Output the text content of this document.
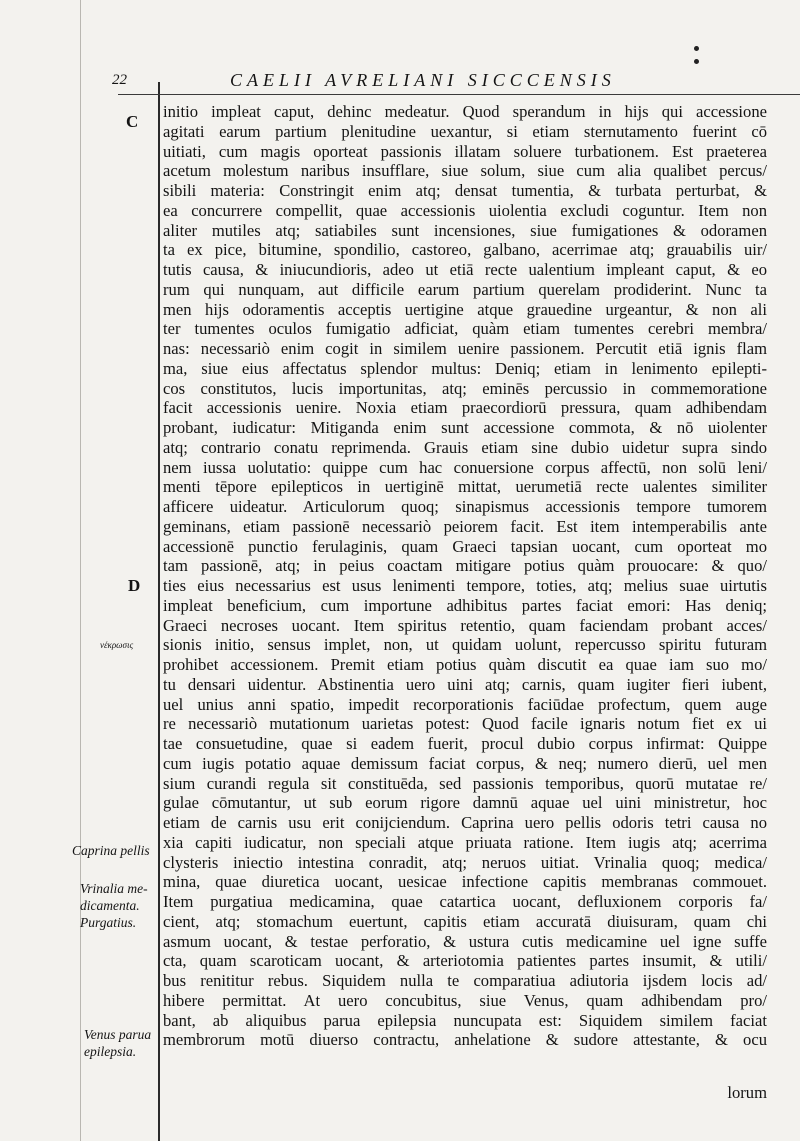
22	CAELII AVRELIANI SICCCENSIS
C
D
νέκρωσις
Caprina pellis
Vrinalia me-
dicamenta.
Purgatius.
Venus parua
epilepsia.
initio impleat caput, dehinc medeatur. Quod sperandum in hijs qui accessione
agitati earum partium plenitudine uexantur, si etiam sternutamento fuerint cō
uitiati, cum magis oporteat passionis illatam soluere turbationem. Est praeterea
acetum molestum naribus insufflare, siue solum, siue cum alia qualibet percus/
sibili materia: Constringit enim atq; densat tumentia, & turbata perturbat, &
ea concurrere compellit, quae accessionis uiolentia excludi coguntur. Item non
aliter mutiles atq; satiabiles sunt incensiones, siue fumigationes & odoramen
ta ex pice, bitumine, spondilio, castoreo, galbano, acerrimae atq; grauabilis uir/
tutis causa, & iniucundioris, adeo ut etiā recte ualentium impleant caput, & eo
rum qui nunquam, aut difficile earum partium querelam prodiderint. Nunc ta
men hijs odoramentis acceptis uertigine atque grauedine urgeantur, & non ali
ter tumentes oculos fumigatio adficiat, quàm etiam tumentes cerebri membra/
nas: necessariò enim cogit in similem uenire passionem. Percutit etiā ignis flam
ma, siue eius affectatus splendor multus: Deniq; etiam in lenimento epilepti-
cos constitutos, lucis importunitas, atq; eminēs percussio in commemoratione
facit accessionis uenire. Noxia etiam praecordiorū pressura, quam adhibendam
probant, iudicatur: Mitiganda enim sunt accessione commota, & nō uiolenter
atq; contrario conatu reprimenda. Grauis etiam sine dubio uidetur supra sindo
nem iussa uolutatio: quippe cum hac conuersione corpus affectū, non solū leni/
menti tēpore epilepticos in uertiginē mittat, uerumetiā recte ualentes similiter
afficere uideatur. Articulorum quoq; sinapismus accessionis tempore tumorem
geminans, etiam passionē necessariò peiorem facit. Est item intemperabilis ante
accessionē punctio ferulaginis, quam Graeci tapsian uocant, cum oporteat mo
tam passionē, atq; in peius coactam mitigare potius quàm prouocare: & quo/
ties eius necessarius est usus lenimenti tempore, toties, atq; melius suae uirtutis
impleat beneficium, cum importune adhibitus partes faciat emori: Has deniq;
Graeci necroses uocant. Item spiritus retentio, quam faciendam probant acces/
sionis initio, sensus implet, non, ut quidam uolunt, repercusso spiritu futuram
prohibet accessionem. Premit etiam potius quàm discutit ea quae iam suo mo/
tu densari uidentur. Abstinentia uero uini atq; carnis, quam iugiter fieri iubent,
uel unius anni spatio, impedit recorporationis faciūdae profectum, quem auge
re necessariò mutationum uarietas potest: Quod facile ignaris notum fiet ex ui
tae consuetudine, quae si eadem fuerit, procul dubio corpus infirmat: Quippe
cum iugis potatio aquae demissum faciat corpus, & neq; numero dierū, uel men
sium curandi regula sit constituēda, sed passionis temporibus, quorū mutatae re/
gulae cōmutantur, ut sub eorum rigore damnū aquae uel uini ministretur, hoc
etiam de carnis usu erit conijciendum. Caprina uero pellis odoris tetri causa no
xia capiti iudicatur, non speciali atque priuata ratione. Item iugis atq; acerrima
clysteris iniectio intestina conradit, atq; neruos uitiat. Vrinalia quoq; medica/
mina, quae diuretica uocant, uesicae infectione capitis membranas commouet.
Item purgatiua medicamina, quae catartica uocant, defluxionem corporis fa/
cient, atq; stomachum euertunt, capitis etiam accuratā diuisuram, quam chi
asmum uocant, & testae perforatio, & ustura cutis medicamine uel igne suffe
cta, quam scaroticam uocant, & arteriotomia patientes partes insumit, & utili/
bus renititur rebus. Siquidem nulla te comparatiua adiutoria ijsdem locis ad/
hibere permittat. At uero concubitus, siue Venus, quam adhibendam pro/
bant, ab aliquibus parua epilepsia nuncupata est: Siquidem similem faciat
membrorum motū diuerso contractu, anhelatione & sudore attestante, & ocu
lorum
